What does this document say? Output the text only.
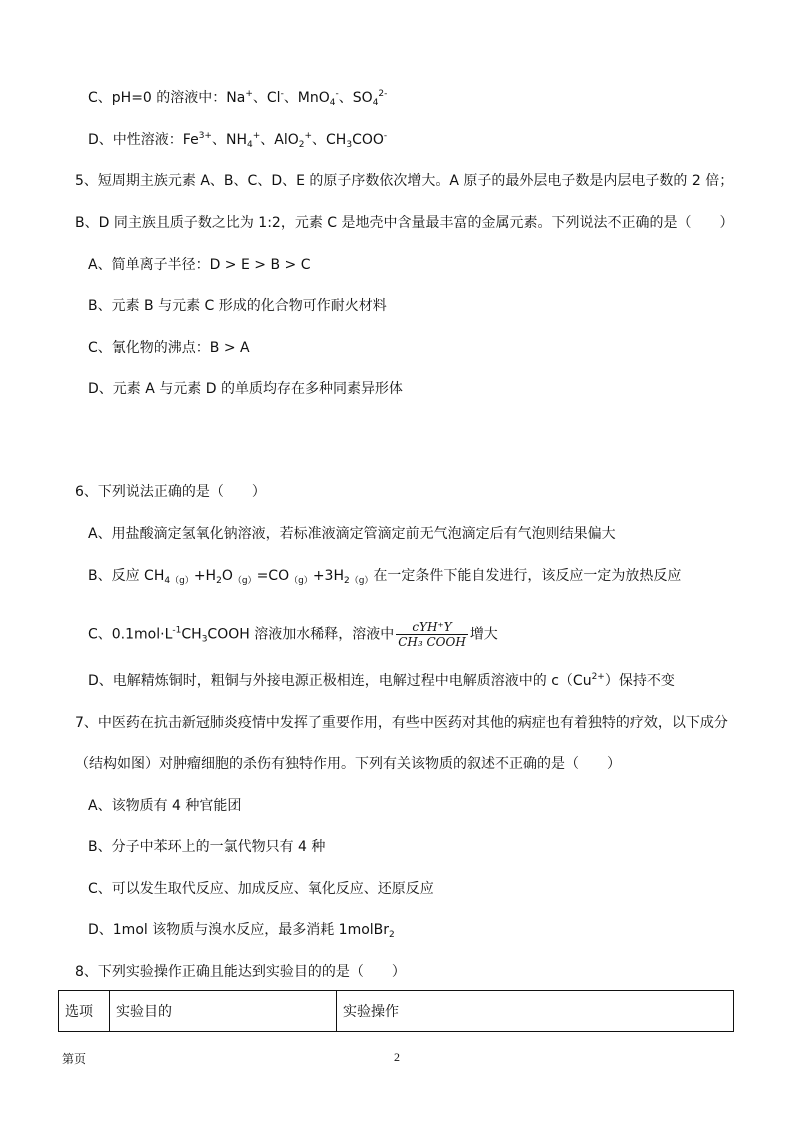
C、pH=0 的溶液中：Na+、Cl-、MnO$_4$-、$SO_4^{2-}$
D、中性溶液：$Fe^{3+}$、$NH_4^+$、AlO$_2$+、$CH_3COO^-$
5、短周期主族元素 A、B、C、D、E 的原子序数依次增大。A 原子的最外层电子数是内层电子数的 2 倍；
B、D 同主族且质子数之比为 1:2，元素 C 是地壳中含量最丰富的金属元素。下列说法不正确的是（　　）
A、简单离子半径：D > E > B > C
B、元素 B 与元素 C 形成的化合物可作耐火材料
C、氰化物的沸点：B > A
D、元素 A 与元素 D 的单质均存在多种同素异形体
6、下列说法正确的是（　　）
A、用盐酸滴定氢氧化钠溶液，若标准液滴定管滴定前无气泡滴定后有气泡则结果偏大
B、反应 $CH_{4(g)}+H_2O_{(g)}=CO_{(g)}+3H_{2(g)}$在一定条件下能自发进行，该反应一定为放热反应
C、$0.1mol\cdot L^{-1}CH_3COOH$ 溶液加水稀释，溶液中 $\frac{\text{cYH⁺Y}}{\text{CH₃ COOH}}$ 增大
D、电解精炼铜时，粗铜与外接电源正极相连，电解过程中电解质溶液中的 $c(Cu^{2+})$保持不变
7、中医药在抗击新冠肺炎疫情中发挥了重要作用，有些中医药对其他的病症也有着独特的疗效，以下成分
（结构如图）对肿瘤细胞的杀伤有独特作用。下列有关该物质的叙述不正确的是（　　）
A、该物质有 4 种官能团
B、分子中苯环上的一氯代物只有 4 种
C、可以发生取代反应、加成反应、氧化反应、还原反应
D、1mol 该物质与溴水反应，最多消耗 1molBr$_2$
8、下列实验操作正确且能达到实验目的的是（　　）
选项	实验目的	实验操作
第页	2
